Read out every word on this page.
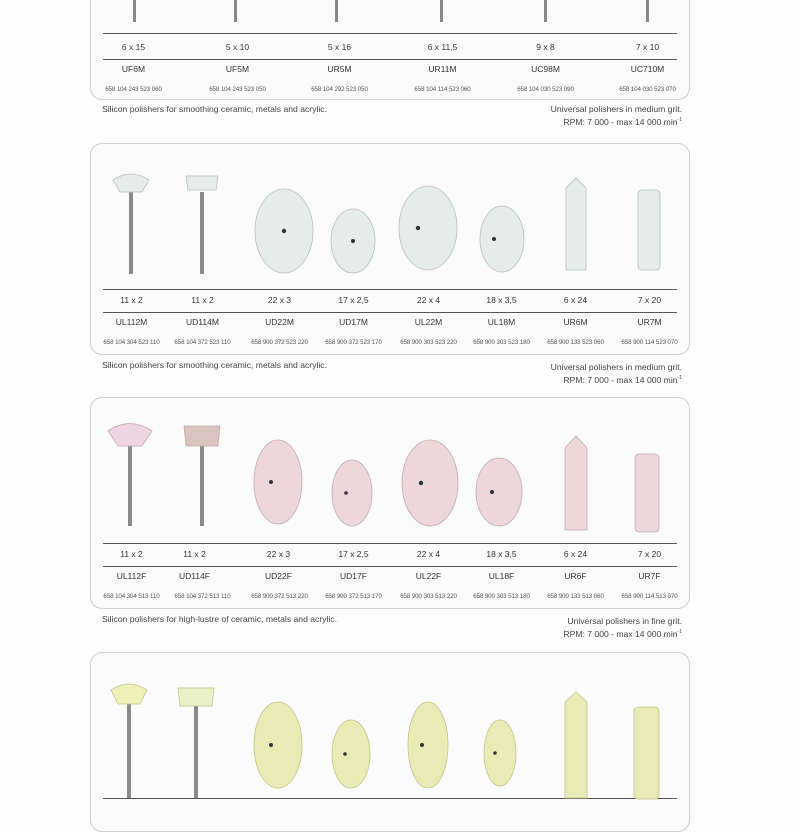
6 x 15	5 x 10	5 x 16	6 x 11,5	9 x 8	7 x 10
UF6M	UF5M	UR5M	UR11M	UC98M	UC710M
658 104 243 523 060	658 104 243 523 050	658 104 292 523 050	658 104 114 523 060	658 104 030 523 090	658 104 030 523 070
Silicon polishers for smoothing ceramic, metals and acrylic.	Universal polishers in medium grit.
RPM: 7 000 - max 14 000 $\min^{-1}$
11 x 2	11 x 2	22 x 3	17 x 2,5	22 x 4	18 x 3,5	6 x 24	7 x 20
UL112M	UD114M	UD22M	UD17M	UL22M	UL18M	UR6M	UR7M
658 104 304 523 110	658 104 372 523 110	658 900 372 523 220	658 900 372 523 170	658 900 303 523 220	658 900 303 523 180	658 900 133 523 060	658 900 114 523 070
Silicon polishers for smoothing ceramic, metals and acrylic.	Universal polishers in medium grit.
RPM: 7 000 - max 14 000 $\min^{-1}$
11 x 2	11 x 2	22 x 3	17 x 2,5	22 x 4	18 x 3,5	6 x 24	7 x 20
UL112F	UD114F	UD22F	UD17F	UL22F	UL18F	UR6F	UR7F
658 104 304 513 110	658 104 372 513 110	658 900 372 513 220	658 900 372 513 170	658 900 303 513 220	658 900 303 513 180	658 900 133 513 060	658 900 114 513 070
Silicon polishers for high-lustre of ceramic, metals and acrylic.	Universal polishers in fine grit.
RPM: 7 000 - max 14 000 $\min^{-1}$
